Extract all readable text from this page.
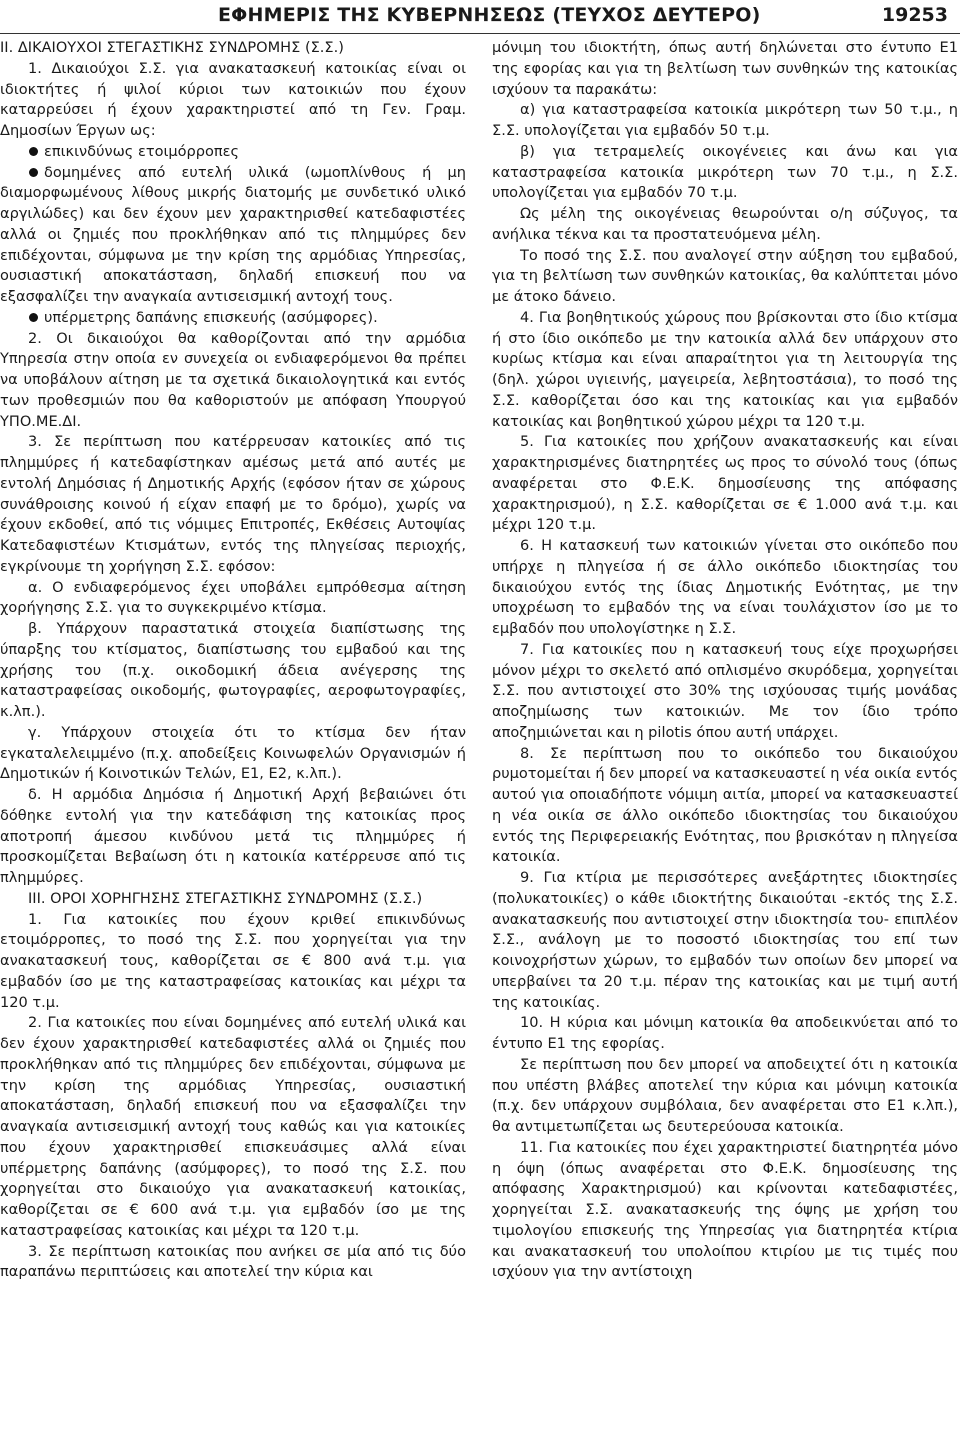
ΕΦΗΜΕΡΙΣ ΤΗΣ ΚΥΒΕΡΝΗΣΕΩΣ (ΤΕΥΧΟΣ ΔΕΥΤΕΡΟ)	19253

ΙΙ. ΔΙΚΑΙΟΥΧΟΙ ΣΤΕΓΑΣΤΙΚΗΣ ΣΥΝΔΡΟΜΗΣ (Σ.Σ.)

1. Δικαιούχοι Σ.Σ. για ανακατασκευή κατοικίας είναι οι ιδιοκτήτες ή ψιλοί κύριοι των κατοικιών που έχουν καταρρεύσει ή έχουν χαρακτηριστεί από τη Γεν. Γραμ. Δημοσίων Έργων ως:

επικινδύνως ετοιμόρροπες

δομημένες από ευτελή υλικά (ωμοπλίνθους ή μη διαμορφωμένους λίθους μικρής διατομής με συνδετικό υλικό αργιλώδες) και δεν έχουν μεν χαρακτηρισθεί κατεδαφιστέες αλλά οι ζημιές που προκλήθηκαν από τις πλημμύρες δεν επιδέχονται, σύμφωνα με την κρίση της αρμόδιας Υπηρεσίας, ουσιαστική αποκατάσταση, δηλαδή επισκευή που να εξασφαλίζει την αναγκαία αντισεισμική αντοχή τους.

υπέρμετρης δαπάνης επισκευής (ασύμφορες).

2. Οι δικαιούχοι θα καθορίζονται από την αρμόδια Υπηρεσία στην οποία εν συνεχεία οι ενδιαφερόμενοι θα πρέπει να υποβάλουν αίτηση με τα σχετικά δικαιολογητικά και εντός των προθεσμιών που θα καθοριστούν με απόφαση Υπουργού ΥΠΟ.ΜΕ.ΔΙ.

3. Σε περίπτωση που κατέρρευσαν κατοικίες από τις πλημμύρες ή κατεδαφίστηκαν αμέσως μετά από αυτές με εντολή Δημόσιας ή Δημοτικής Αρχής (εφόσον ήταν σε χώρους συνάθροισης κοινού ή είχαν επαφή με το δρόμο), χωρίς να έχουν εκδοθεί, από τις νόμιμες Επιτροπές, Εκθέσεις Αυτοψίας Κατεδαφιστέων Κτισμάτων, εντός της πληγείσας περιοχής, εγκρίνουμε τη χορήγηση Σ.Σ. εφόσον:

α. Ο ενδιαφερόμενος έχει υποβάλει εμπρόθεσμα αίτηση χορήγησης Σ.Σ. για το συγκεκριμένο κτίσμα.

β. Υπάρχουν παραστατικά στοιχεία διαπίστωσης της ύπαρξης του κτίσματος, διαπίστωσης του εμβαδού και της χρήσης του (π.χ. οικοδομική άδεια ανέγερσης της καταστραφείσας οικοδομής, φωτογραφίες, αεροφωτογραφίες, κ.λπ.).

γ. Υπάρχουν στοιχεία ότι το κτίσμα δεν ήταν εγκαταλελειμμένο (π.χ. αποδείξεις Κοινωφελών Οργανισμών ή Δημοτικών ή Κοινοτικών Τελών, Ε1, Ε2, κ.λπ.).

δ. Η αρμόδια Δημόσια ή Δημοτική Αρχή βεβαιώνει ότι δόθηκε εντολή για την κατεδάφιση της κατοικίας προς αποτροπή άμεσου κινδύνου μετά τις πλημμύρες ή προσκομίζεται Βεβαίωση ότι η κατοικία κατέρρευσε από τις πλημμύρες.

ΙΙΙ. ΟΡΟΙ ΧΟΡΗΓΗΣΗΣ ΣΤΕΓΑΣΤΙΚΗΣ ΣΥΝΔΡΟΜΗΣ (Σ.Σ.)

1. Για κατοικίες που έχουν κριθεί επικινδύνως ετοιμόρροπες, το ποσό της Σ.Σ. που χορηγείται για την ανακατασκευή τους, καθορίζεται σε € 800 ανά τ.μ. για εμβαδόν ίσο με της καταστραφείσας κατοικίας και μέχρι τα 120 τ.μ.

2. Για κατοικίες που είναι δομημένες από ευτελή υλικά και δεν έχουν χαρακτηρισθεί κατεδαφιστέες αλλά οι ζημιές που προκλήθηκαν από τις πλημμύρες δεν επιδέχονται, σύμφωνα με την κρίση της αρμόδιας Υπηρεσίας, ουσιαστική αποκατάσταση, δηλαδή επισκευή που να εξασφαλίζει την αναγκαία αντισεισμική αντοχή τους καθώς και για κατοικίες που έχουν χαρακτηρισθεί επισκευάσιμες αλλά είναι υπέρμετρης δαπάνης (ασύμφορες), το ποσό της Σ.Σ. που χορηγείται στο δικαιούχο για ανακατασκευή κατοικίας, καθορίζεται σε € 600 ανά τ.μ. για εμβαδόν ίσο με της καταστραφείσας κατοικίας και μέχρι τα 120 τ.μ.

3. Σε περίπτωση κατοικίας που ανήκει σε μία από τις δύο παραπάνω περιπτώσεις και αποτελεί την κύρια και

μόνιμη του ιδιοκτήτη, όπως αυτή δηλώνεται στο έντυπο Ε1 της εφορίας και για τη βελτίωση των συνθηκών της κατοικίας ισχύουν τα παρακάτω:

α) για καταστραφείσα κατοικία μικρότερη των 50 τ.μ., η Σ.Σ. υπολογίζεται για εμβαδόν 50 τ.μ.

β) για τετραμελείς οικογένειες και άνω και για καταστραφείσα κατοικία μικρότερη των 70 τ.μ., η Σ.Σ. υπολογίζεται για εμβαδόν 70 τ.μ.

Ως μέλη της οικογένειας θεωρούνται ο/η σύζυγος, τα ανήλικα τέκνα και τα προστατευόμενα μέλη.

Το ποσό της Σ.Σ. που αναλογεί στην αύξηση του εμβαδού, για τη βελτίωση των συνθηκών κατοικίας, θα καλύπτεται μόνο με άτοκο δάνειο.

4. Για βοηθητικούς χώρους που βρίσκονται στο ίδιο κτίσμα ή στο ίδιο οικόπεδο με την κατοικία αλλά δεν υπάρχουν στο κυρίως κτίσμα και είναι απαραίτητοι για τη λειτουργία της (δηλ. χώροι υγιεινής, μαγειρεία, λεβητοστάσια), το ποσό της Σ.Σ. καθορίζεται όσο και της κατοικίας και για εμβαδόν κατοικίας και βοηθητικού χώρου μέχρι τα 120 τ.μ.

5. Για κατοικίες που χρήζουν ανακατασκευής και είναι χαρακτηρισμένες διατηρητέες ως προς το σύνολό τους (όπως αναφέρεται στο Φ.Ε.Κ. δημοσίευσης της απόφασης χαρακτηρισμού), η Σ.Σ. καθορίζεται σε € 1.000 ανά τ.μ. και μέχρι 120 τ.μ.

6. Η κατασκευή των κατοικιών γίνεται στο οικόπεδο που υπήρχε η πληγείσα ή σε άλλο οικόπεδο ιδιοκτησίας του δικαιούχου εντός της ίδιας Δημοτικής Ενότητας, με την υποχρέωση το εμβαδόν της να είναι τουλάχιστον ίσο με το εμβαδόν που υπολογίστηκε η Σ.Σ.

7. Για κατοικίες που η κατασκευή τους είχε προχωρήσει μόνον μέχρι το σκελετό από οπλισμένο σκυρόδεμα, χορηγείται Σ.Σ. που αντιστοιχεί στο 30% της ισχύουσας τιμής μονάδας αποζημίωσης των κατοικιών. Με τον ίδιο τρόπο αποζημιώνεται και η pilotis όπου αυτή υπάρχει.

8. Σε περίπτωση που το οικόπεδο του δικαιούχου ρυμοτομείται ή δεν μπορεί να κατασκευαστεί η νέα οικία εντός αυτού για οποιαδήποτε νόμιμη αιτία, μπορεί να κατασκευαστεί η νέα οικία σε άλλο οικόπεδο ιδιοκτησίας του δικαιούχου εντός της Περιφερειακής Ενότητας, που βρισκόταν η πληγείσα κατοικία.

9. Για κτίρια με περισσότερες ανεξάρτητες ιδιοκτησίες (πολυκατοικίες) ο κάθε ιδιοκτήτης δικαιούται -εκτός της Σ.Σ. ανακατασκευής που αντιστοιχεί στην ιδιοκτησία του- επιπλέον Σ.Σ., ανάλογη με το ποσοστό ιδιοκτησίας του επί των κοινοχρήστων χώρων, το εμβαδόν των οποίων δεν μπορεί να υπερβαίνει τα 20 τ.μ. πέραν της κατοικίας και με τιμή αυτή της κατοικίας.

10. Η κύρια και μόνιμη κατοικία θα αποδεικνύεται από το έντυπο Ε1 της εφορίας.

Σε περίπτωση που δεν μπορεί να αποδειχτεί ότι η κατοικία που υπέστη βλάβες αποτελεί την κύρια και μόνιμη κατοικία (π.χ. δεν υπάρχουν συμβόλαια, δεν αναφέρεται στο Ε1 κ.λπ.), θα αντιμετωπίζεται ως δευτερεύουσα κατοικία.

11. Για κατοικίες που έχει χαρακτηριστεί διατηρητέα μόνο η όψη (όπως αναφέρεται στο Φ.Ε.Κ. δημοσίευσης της απόφασης Χαρακτηρισμού) και κρίνονται κατεδαφιστέες, χορηγείται Σ.Σ. ανακατασκευής της όψης με χρήση του τιμολογίου επισκευής της Υπηρεσίας για διατηρητέα κτίρια και ανακατασκευή του υπολοίπου κτιρίου με τις τιμές που ισχύουν για την αντίστοιχη
